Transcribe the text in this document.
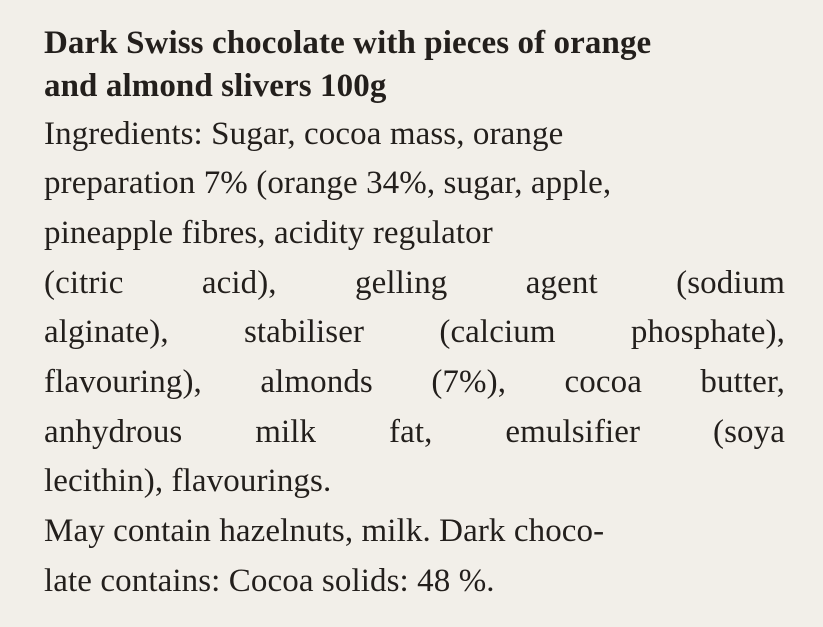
Dark Swiss chocolate with pieces of orange
and almond slivers 100g
Ingredients: Sugar, cocoa mass, orange
preparation 7% (orange 34%, sugar, apple,
pineapple fibres, acidity regulator
(citric acid), gelling agent (sodium
alginate), stabiliser (calcium phosphate),
flavouring), almonds (7%), cocoa butter,
anhydrous milk fat, emulsifier (soya
lecithin), flavourings.
May contain hazelnuts, milk. Dark choco-
late contains: Cocoa solids: 48 %.
